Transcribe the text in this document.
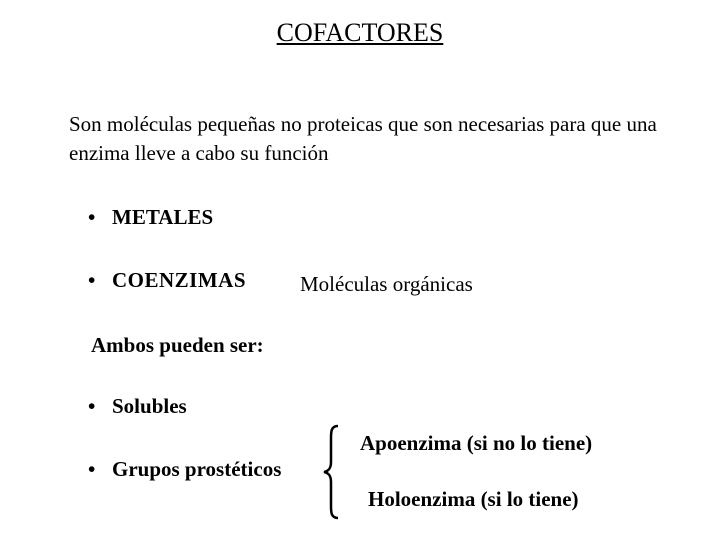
COFACTORES
Son moléculas pequeñas no proteicas que son necesarias para que una enzima lleve a cabo su función
• METALES
• COENZIMAS	Moléculas orgánicas
Ambos pueden ser:
• Solubles
• Grupos prostéticos
Apoenzima (si no lo tiene)
Holoenzima (si lo tiene)
